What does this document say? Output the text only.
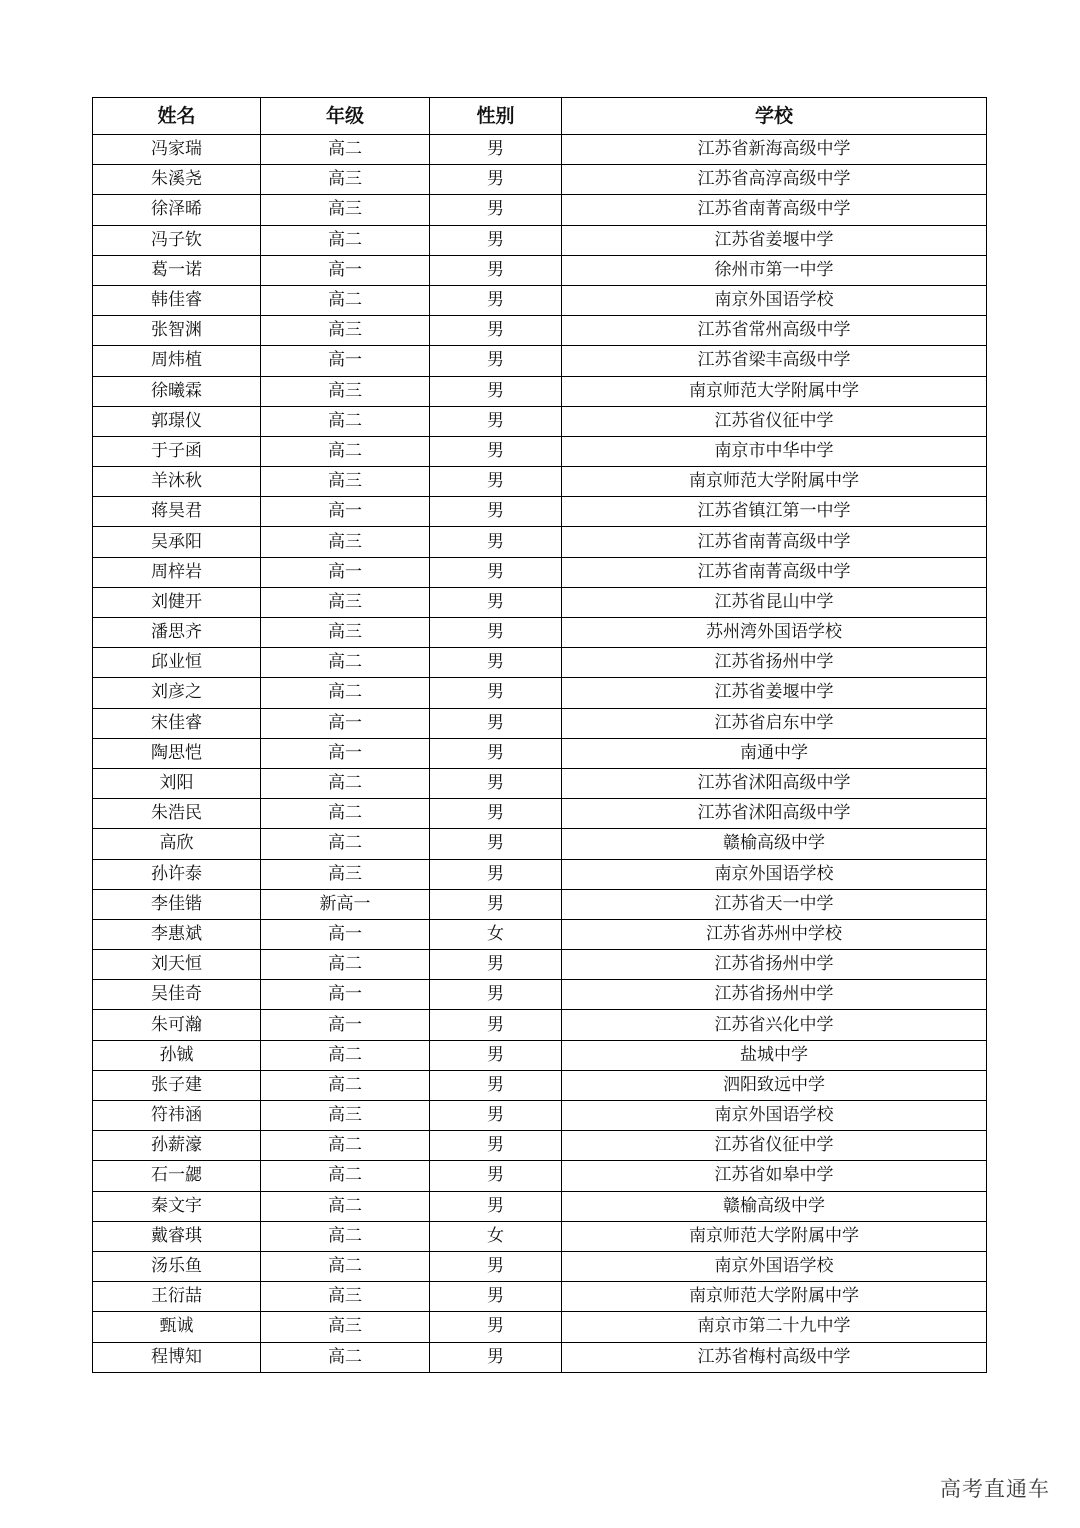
姓名	年级	性别	学校
冯家瑞	高二	男	江苏省新海高级中学
朱溪尧	高三	男	江苏省高淳高级中学
徐泽晞	高三	男	江苏省南菁高级中学
冯子钦	高二	男	江苏省姜堰中学
葛一诺	高一	男	徐州市第一中学
韩佳睿	高二	男	南京外国语学校
张智渊	高三	男	江苏省常州高级中学
周炜植	高一	男	江苏省梁丰高级中学
徐曦霖	高三	男	南京师范大学附属中学
郭璟仪	高二	男	江苏省仪征中学
于子函	高二	男	南京市中华中学
羊沐秋	高三	男	南京师范大学附属中学
蒋昊君	高一	男	江苏省镇江第一中学
吴承阳	高三	男	江苏省南菁高级中学
周梓岩	高一	男	江苏省南菁高级中学
刘健开	高三	男	江苏省昆山中学
潘思齐	高三	男	苏州湾外国语学校
邱业恒	高二	男	江苏省扬州中学
刘彦之	高二	男	江苏省姜堰中学
宋佳睿	高一	男	江苏省启东中学
陶思恺	高一	男	南通中学
刘阳	高二	男	江苏省沭阳高级中学
朱浩民	高二	男	江苏省沭阳高级中学
高欣	高二	男	赣榆高级中学
孙许泰	高三	男	南京外国语学校
李佳锴	新高一	男	江苏省天一中学
李惠斌	高一	女	江苏省苏州中学校
刘天恒	高二	男	江苏省扬州中学
吴佳奇	高一	男	江苏省扬州中学
朱可瀚	高一	男	江苏省兴化中学
孙铖	高二	男	盐城中学
张子建	高二	男	泗阳致远中学
符祎涵	高三	男	南京外国语学校
孙薪濠	高二	男	江苏省仪征中学
石一勰	高二	男	江苏省如皋中学
秦文宇	高二	男	赣榆高级中学
戴睿琪	高二	女	南京师范大学附属中学
汤乐鱼	高二	男	南京外国语学校
王衍喆	高三	男	南京师范大学附属中学
甄诚	高三	男	南京市第二十九中学
程博知	高二	男	江苏省梅村高级中学
高考直通车
